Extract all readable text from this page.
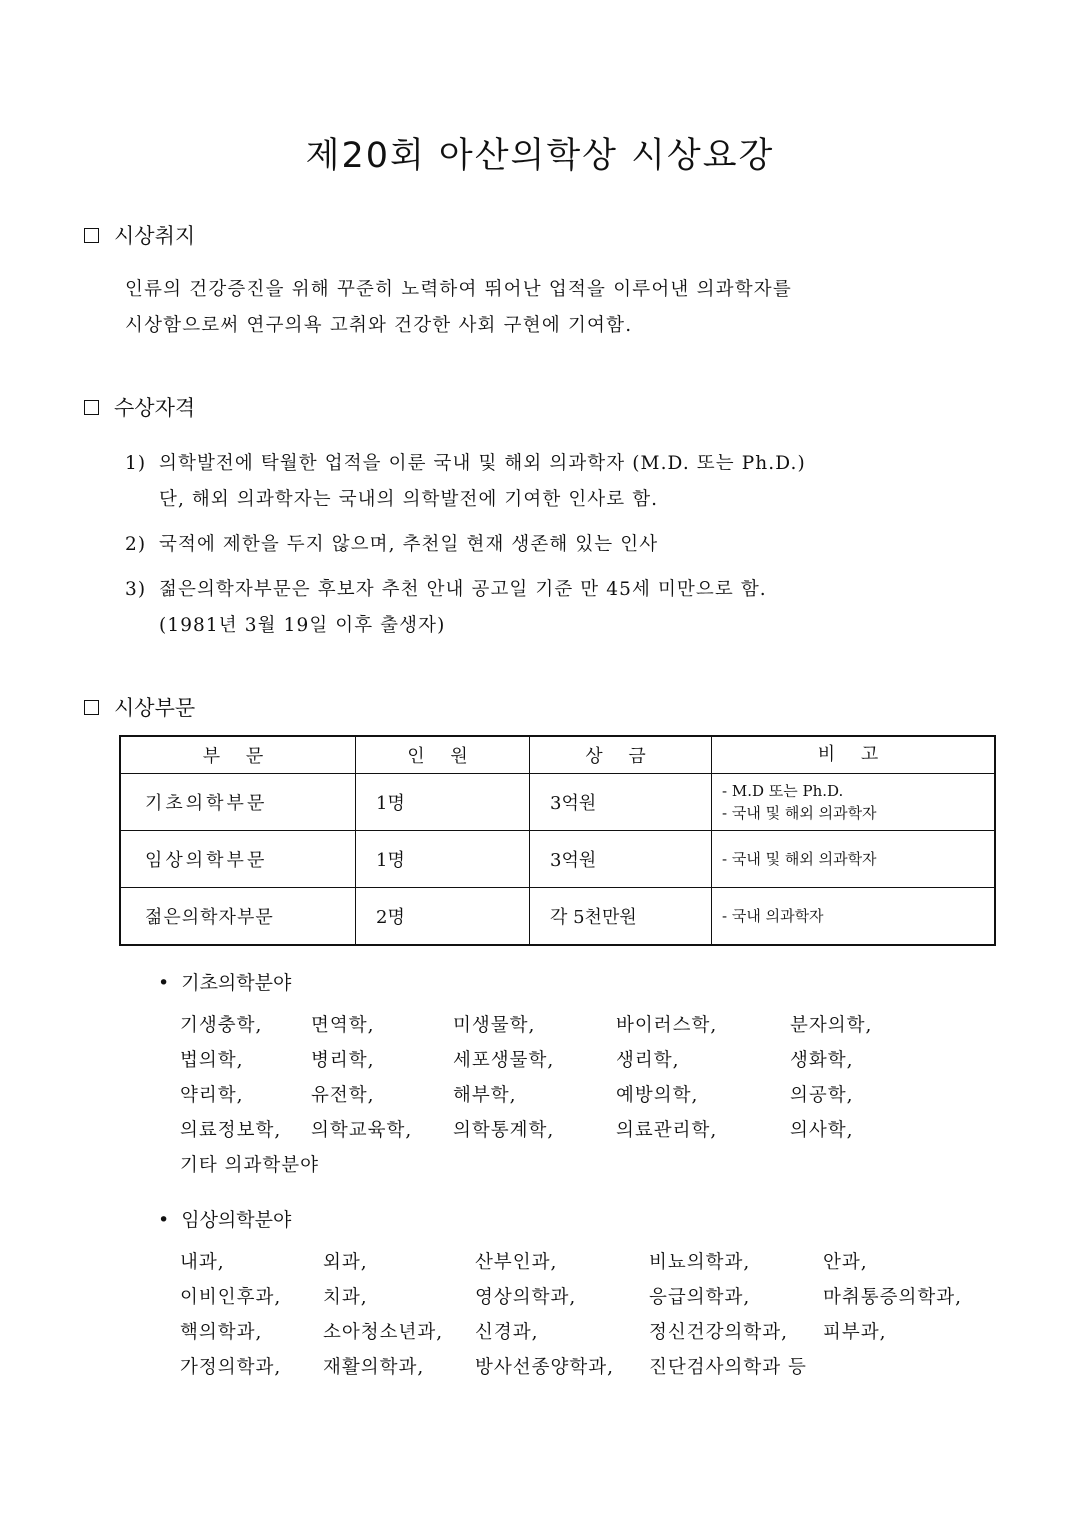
제20회 아산의학상 시상요강
시상취지
인류의 건강증진을 위해 꾸준히 노력하여 뛰어난 업적을 이루어낸 의과학자를
시상함으로써 연구의욕 고취와 건강한 사회 구현에 기여함.
수상자격
1) 의학발전에 탁월한 업적을 이룬 국내 및 해외 의과학자 (M.D. 또는 Ph.D.)
단, 해외 의과학자는 국내의 의학발전에 기여한 인사로 함.
2) 국적에 제한을 두지 않으며, 추천일 현재 생존해 있는 인사
3) 젊은의학자부문은 후보자 추천 안내 공고일 기준 만 45세 미만으로 함.
(1981년 3월 19일 이후 출생자)
시상부문
부 문	인 원	상 금	비 고
기초의학부문	1명	3억원	- M.D 또는 Ph.D.
- 국내 및 해외 의과학자

임상의학부문	1명	3억원	- 국내 및 해외 의과학자

젊은의학자부문	2명	각 5천만원	- 국내 의과학자
• 기초의학분야
기생충학,	면역학,	미생물학,	바이러스학,	분자의학,
법의학,	병리학,	세포생물학,	생리학,	생화학,
약리학,	유전학,	해부학,	예방의학,	의공학,
의료정보학, 의학교육학, 의학통계학,	의료관리학,	의사학,
기타 의과학분야
• 임상의학분야
내과,	외과,	산부인과,	비뇨의학과,	안과,
이비인후과, 치과,	영상의학과,	응급의학과,	마취통증의학과,
핵의학과,	소아청소년과, 신경과,	정신건강의학과, 피부과,
가정의학과, 재활의학과,	방사선종양학과, 진단검사의학과 등
